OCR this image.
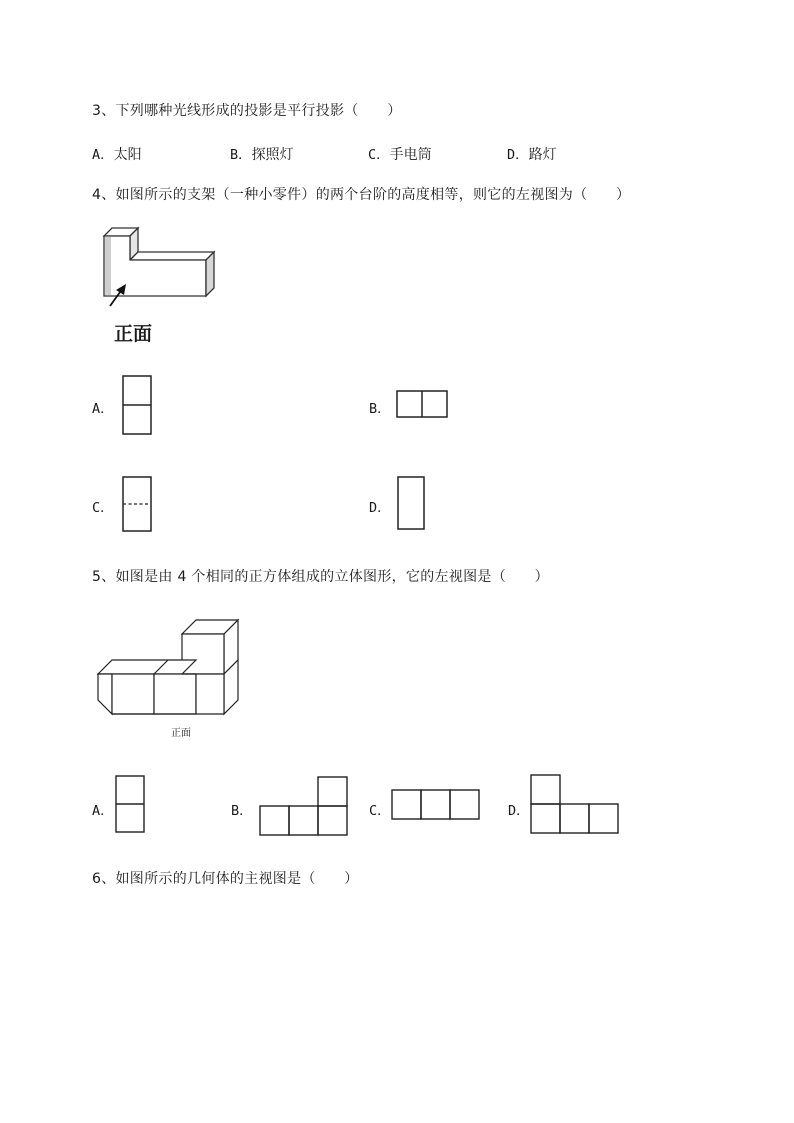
3、下列哪种光线形成的投影是平行投影（　　）
A．太阳	B．探照灯	C．手电筒	D．路灯
4、如图所示的支架（一种小零件）的两个台阶的高度相等，则它的左视图为（　　）
正面
A．	B．
C．	D．
5、如图是由 4 个相同的正方体组成的立体图形，它的左视图是（　　）
正面
A．	B．	C．	D．
6、如图所示的几何体的主视图是（　　）
